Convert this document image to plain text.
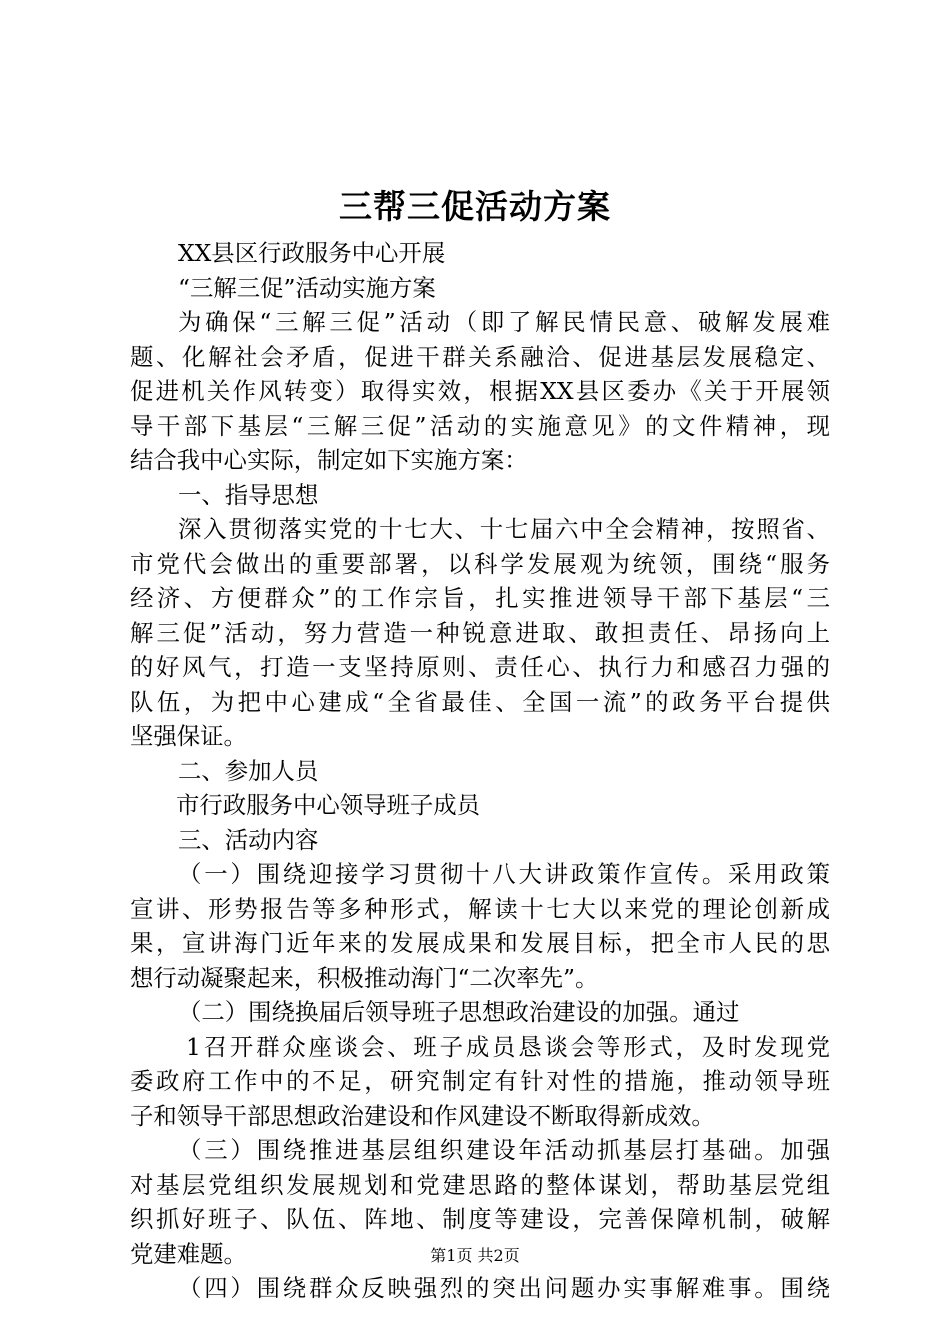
三帮三促活动方案
XX县区行政服务中心开展
“三解三促”活动实施方案
为确保“三解三促”活动（即了解民情民意、破解发展难
题、化解社会矛盾，促进干群关系融洽、促进基层发展稳定、
促进机关作风转变）取得实效，根据XX县区委办《关于开展领
导干部下基层“三解三促”活动的实施意见》的文件精神，现
结合我中心实际，制定如下实施方案：
一、指导思想
深入贯彻落实党的十七大、十七届六中全会精神，按照省、
市党代会做出的重要部署，以科学发展观为统领，围绕“服务
经济、方便群众”的工作宗旨，扎实推进领导干部下基层“三
解三促”活动，努力营造一种锐意进取、敢担责任、昂扬向上
的好风气，打造一支坚持原则、责任心、执行力和感召力强的
队伍，为把中心建成“全省最佳、全国一流”的政务平台提供
坚强保证。
二、参加人员
市行政服务中心领导班子成员
三、活动内容
（一）围绕迎接学习贯彻十八大讲政策作宣传。采用政策
宣讲、形势报告等多种形式，解读十七大以来党的理论创新成
果，宣讲海门近年来的发展成果和发展目标，把全市人民的思
想行动凝聚起来，积极推动海门“二次率先”。
（二）围绕换届后领导班子思想政治建设的加强。通过
1召开群众座谈会、班子成员恳谈会等形式，及时发现党
委政府工作中的不足，研究制定有针对性的措施，推动领导班
子和领导干部思想政治建设和作风建设不断取得新成效。
（三）围绕推进基层组织建设年活动抓基层打基础。加强
对基层党组织发展规划和党建思路的整体谋划，帮助基层党组
织抓好班子、队伍、阵地、制度等建设，完善保障机制，破解
党建难题。
（四）围绕群众反映强烈的突出问题办实事解难事。围绕
第1页 共2页
